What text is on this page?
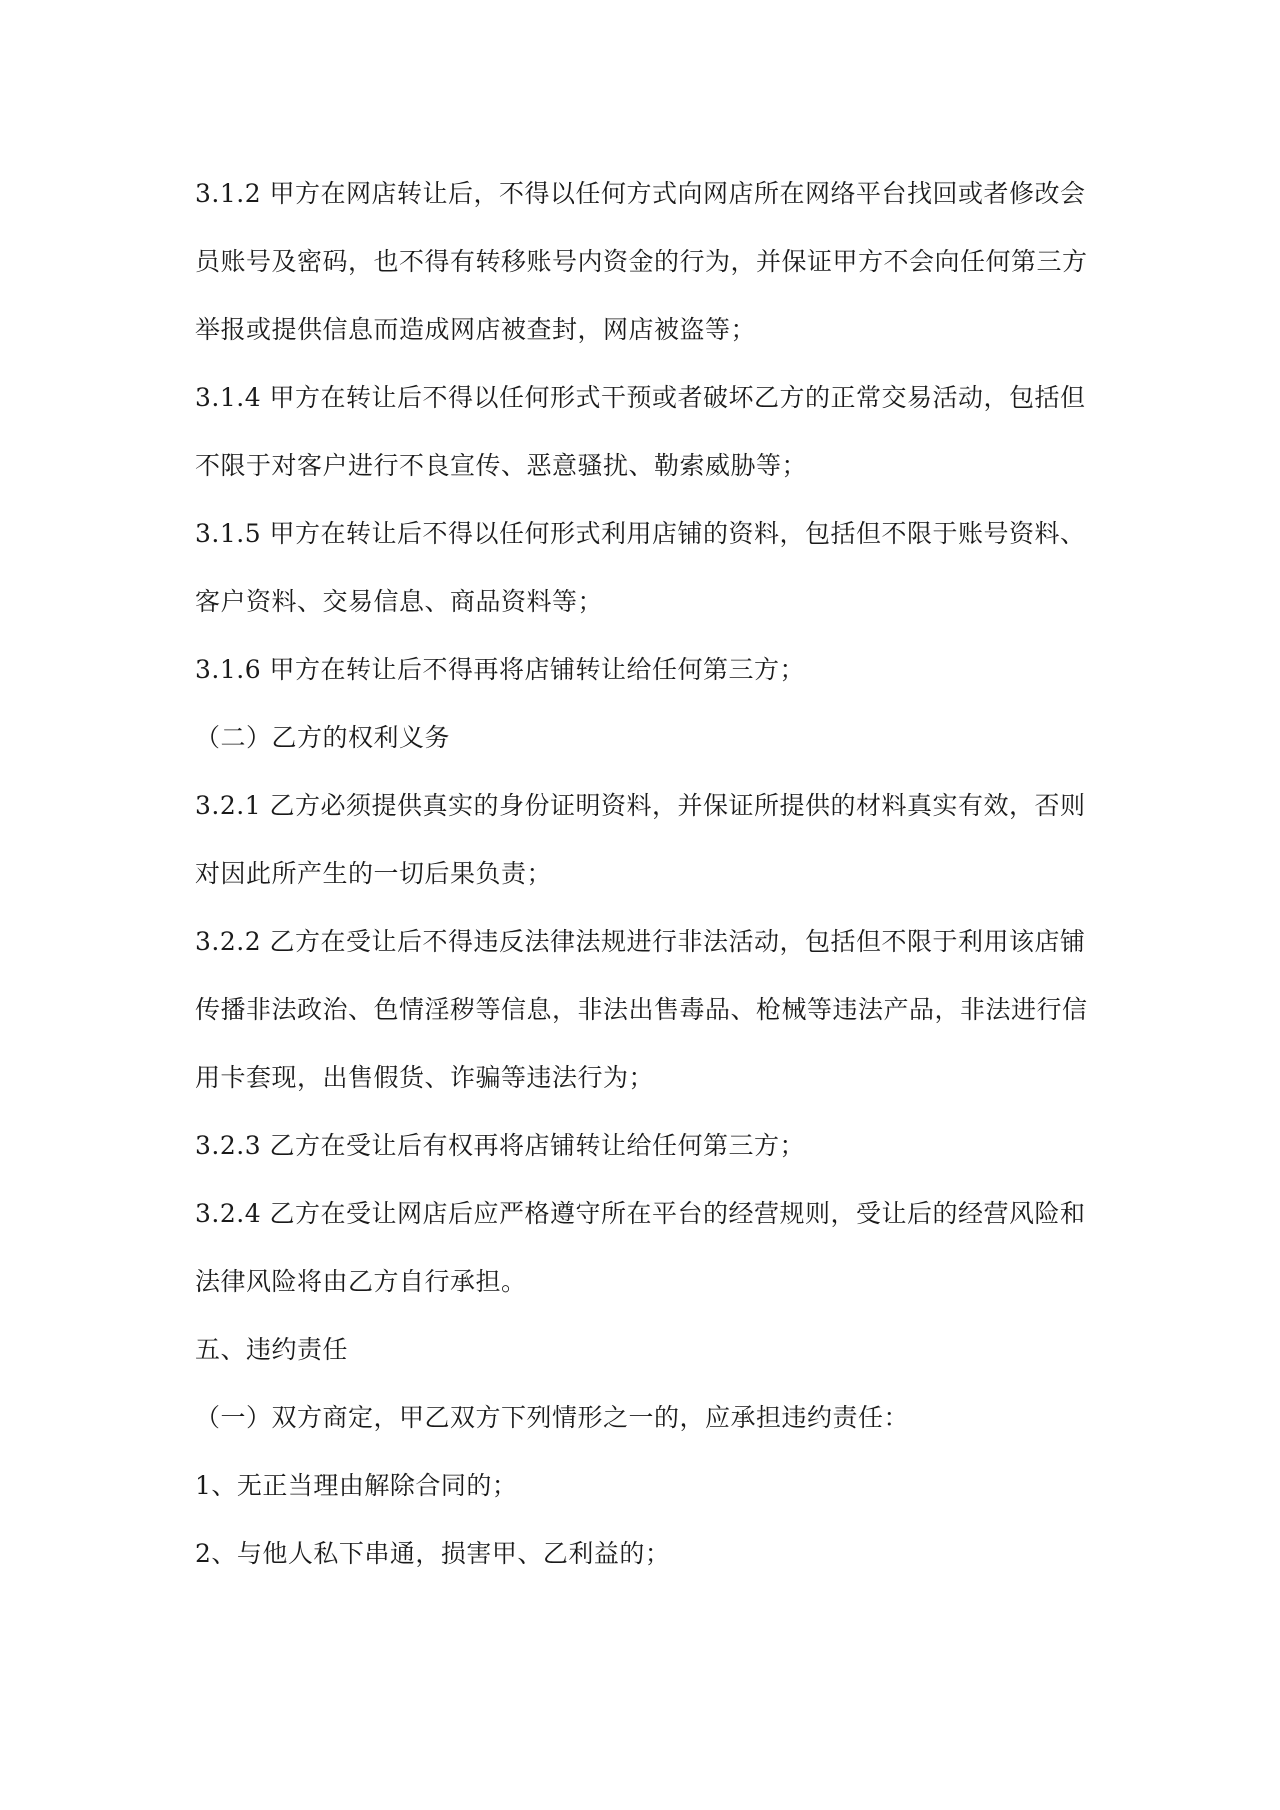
3.1.2 甲方在网店转让后，不得以任何方式向网店所在网络平台找回或者修改会
员账号及密码，也不得有转移账号内资金的行为，并保证甲方不会向任何第三方
举报或提供信息而造成网店被查封，网店被盗等；

3.1.4 甲方在转让后不得以任何形式干预或者破坏乙方的正常交易活动，包括但
不限于对客户进行不良宣传、恶意骚扰、勒索威胁等；

3.1.5 甲方在转让后不得以任何形式利用店铺的资料，包括但不限于账号资料、
客户资料、交易信息、商品资料等；

3.1.6 甲方在转让后不得再将店铺转让给任何第三方；

（二）乙方的权利义务

3.2.1 乙方必须提供真实的身份证明资料，并保证所提供的材料真实有效，否则
对因此所产生的一切后果负责；

3.2.2 乙方在受让后不得违反法律法规进行非法活动，包括但不限于利用该店铺
传播非法政治、色情淫秽等信息，非法出售毒品、枪械等违法产品，非法进行信
用卡套现，出售假货、诈骗等违法行为；

3.2.3 乙方在受让后有权再将店铺转让给任何第三方；

3.2.4 乙方在受让网店后应严格遵守所在平台的经营规则，受让后的经营风险和
法律风险将由乙方自行承担。

五、违约责任

（一）双方商定，甲乙双方下列情形之一的，应承担违约责任：

1、无正当理由解除合同的；

2、与他人私下串通，损害甲、乙利益的；
